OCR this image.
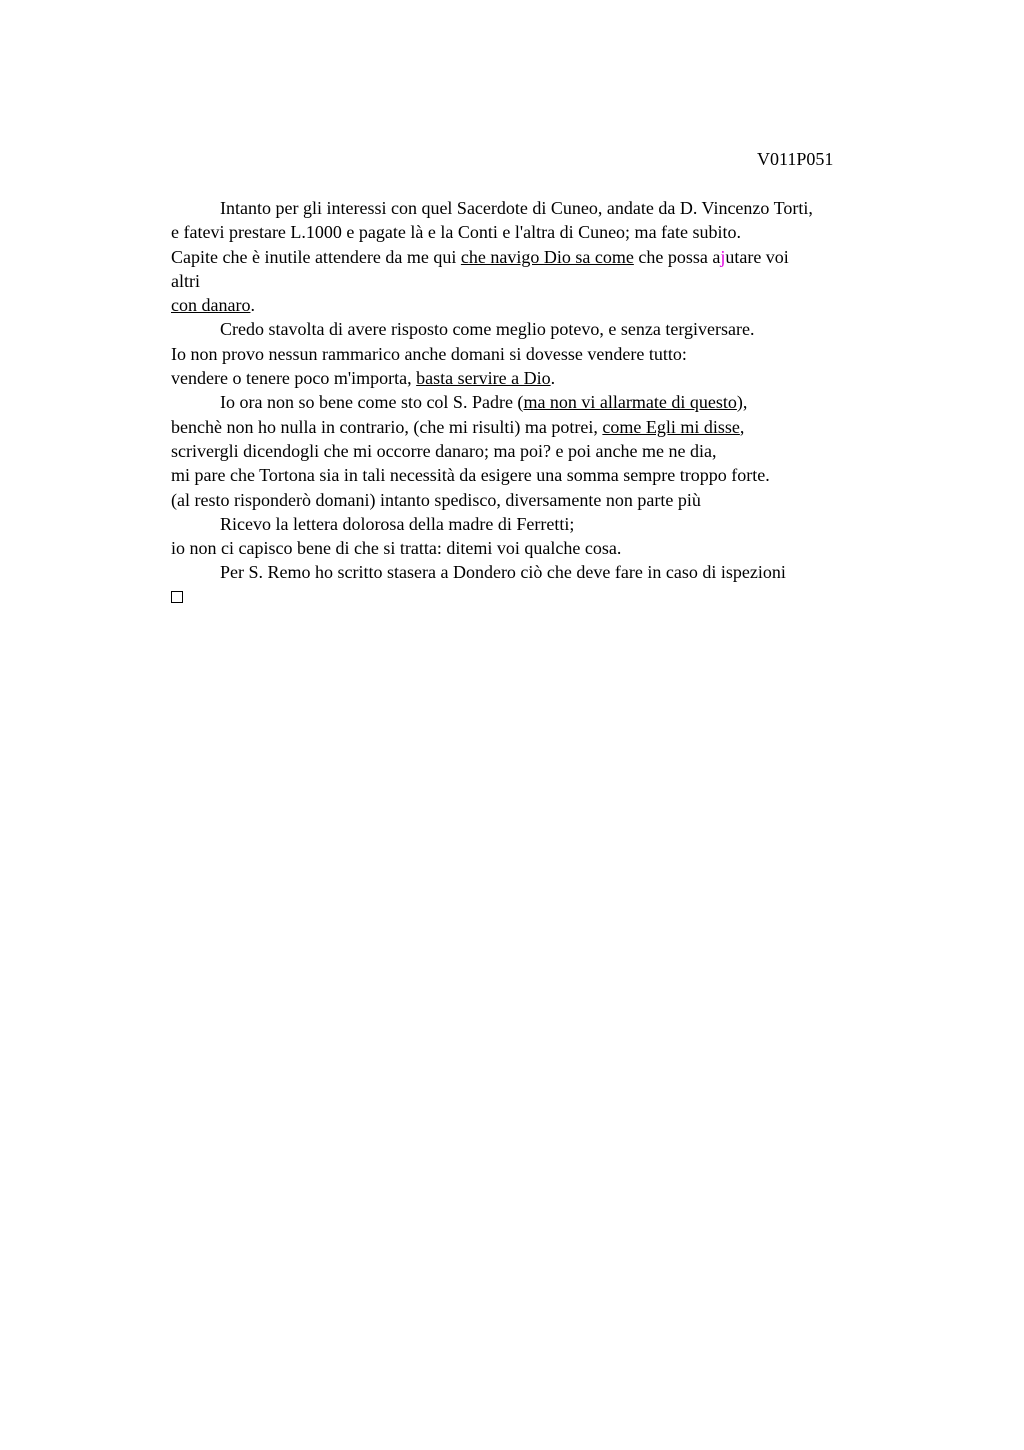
V011P051
Intanto per gli interessi con quel Sacerdote di Cuneo, andate da D. Vincenzo Torti,
e fatevi prestare L.1000 e pagate là e la Conti e l'altra di Cuneo; ma fate subito.
Capite che è inutile attendere da me qui che navigo Dio sa come che possa ajutare voi
altri
con danaro.
Credo stavolta di avere risposto come meglio potevo, e senza tergiversare.
Io non provo nessun rammarico anche domani si dovesse vendere tutto:
vendere o tenere poco m'importa, basta servire a Dio.
Io ora non so bene come sto col S. Padre (ma non vi allarmate di questo),
benchè non ho nulla in contrario, (che mi risulti) ma potrei, come Egli mi disse,
scrivergli dicendogli che mi occorre danaro; ma poi? e poi anche me ne dia,
mi pare che Tortona sia in tali necessità da esigere una somma sempre troppo forte.
(al resto risponderò domani) intanto spedisco, diversamente non parte più
Ricevo la lettera dolorosa della madre di Ferretti;
io non ci capisco bene di che si tratta: ditemi voi qualche cosa.
Per S. Remo ho scritto stasera a Dondero ciò che deve fare in caso di ispezioni
